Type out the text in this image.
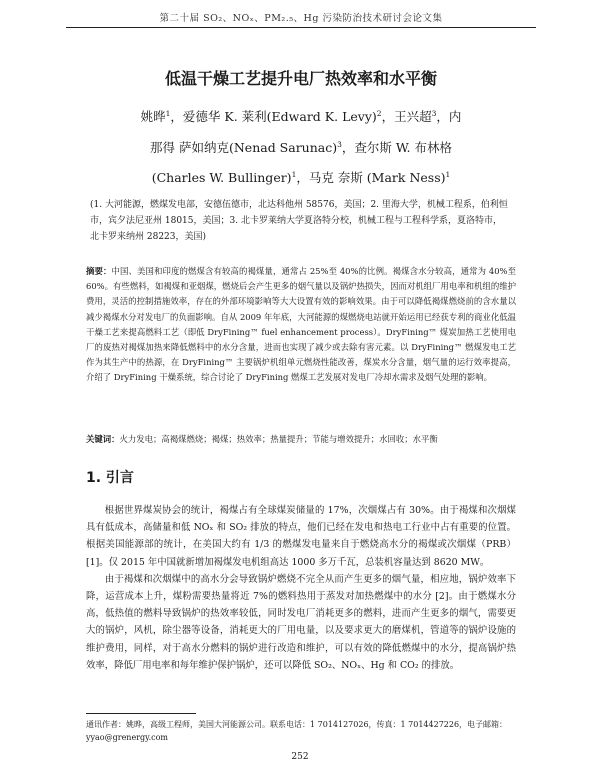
第二十届 SO₂、NOₓ、PM₂.₅、Hg 污染防治技术研讨会论文集
低温干燥工艺提升电厂热效率和水平衡
姚晔$^1$，爱德华 K. 莱利(Edward K. Levy)$^2$，王兴超$^3$，内
那得 萨如纳克(Nenad Sarunac)$^3$，查尔斯 W. 布林格
(Charles W. Bullinger)$^1$，马克 奈斯 (Mark Ness)$^1$
(1. 大河能源，燃煤发电部，安德伍德市，北达科他州 58576，美国；2. 里海大学，机械工程系，伯利恒市，宾夕法尼亚州 18015，美国；3. 北卡罗莱纳大学夏洛特分校，机械工程与工程科学系，夏洛特市，北卡罗来纳州 28223，美国)
摘要：中国、美国和印度的燃煤含有较高的褐煤量，通常占 25%至 40%的比例。褐煤含水分较高，通常为 40%至 60%。有些燃料，如褐煤和亚烟煤，燃烧后会产生更多的烟气量以及锅炉热损失，因而对机组厂用电率和机组的维护费用，灵活的控制措施效率，存在的外部环境影响等大大设置有效的影响效果。由于可以降低褐煤燃烧前的含水量以减少褐煤水分对发电厂的负面影响。自从 2009 年年底，大河能源的煤燃烧电站就开始运用已经获专利的商业化低温干燥工艺来提高燃料工艺（即低 DryFining™ fuel enhancement process）。DryFining™ 煤炭加热工艺使用电厂的废热对褐煤加热来降低燃料中的水分含量，进而也实现了减少或去除有害元素。以 DryFining™ 燃煤发电工艺作为其生产中的热源，在 DryFining™ 主要锅炉机组单元燃烧性能改善，煤炭水分含量，烟气量的运行效率提高，介绍了 DryFining 干燥系统，综合讨论了 DryFining 燃煤工艺发展对发电厂冷却水需求及烟气处理的影响。
关键词：火力发电；高褐煤燃烧；褐煤；热效率；热量提升；节能与增效提升；水回收；水平衡
1. 引言

根据世界煤炭协会的统计，褐煤占有全球煤炭储量的 17%，次烟煤占有 30%。由于褐煤和次烟煤具有低成本，高储量和低 NOₓ 和 SO₂ 排放的特点，他们已经在发电和热电工行业中占有重要的位置。根据美国能源部的统计，在美国大约有 1/3 的燃煤发电量来自于燃烧高水分的褐煤或次烟煤（PRB）[1]。仅 2015 年中国就新增加褐煤发电机组高达 1000 多万千瓦，总装机容量达到 8620 MW。

由于褐煤和次烟煤中的高水分会导致锅炉燃烧不完全从而产生更多的烟气量，相应地，锅炉效率下降，运营成本上升，煤粉需要热量将近 7%的燃料热用于蒸发对加热燃煤中的水分 [2]。由于燃煤水分高，低热值的燃料导致锅炉的热效率较低，同时发电厂消耗更多的燃料，进而产生更多的烟气，需要更大的锅炉，风机，除尘器等设备，消耗更大的厂用电量，以及要求更大的磨煤机，管道等的锅炉设施的维护费用，同样，对于高水分燃料的锅炉进行改造和维护，可以有效的降低燃煤中的水分，提高锅炉热效率，降低厂用电率和每年维护保护锅炉，还可以降低 SO₂、NOₓ、Hg 和 CO₂ 的排放。

通讯作者：姚晔，高级工程师，美国大河能源公司。联系电话：1 7014127026，传真：1 7014427226，电子邮箱：yyao@grenergy.com
252
